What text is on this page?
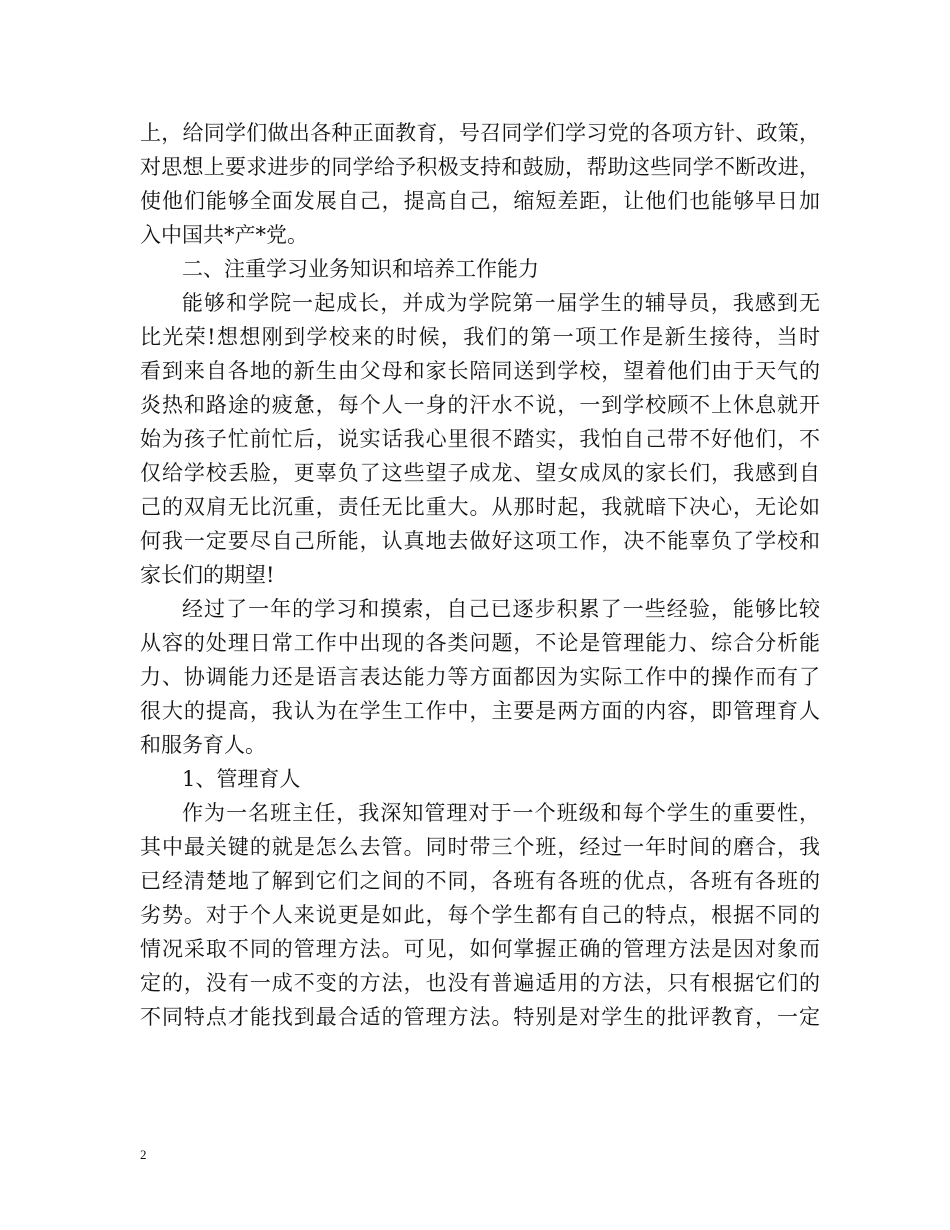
上，给同学们做出各种正面教育，号召同学们学习党的各项方针、政策，
对思想上要求进步的同学给予积极支持和鼓励，帮助这些同学不断改进，
使他们能够全面发展自己，提高自己，缩短差距，让他们也能够早日加
入中国共*产*党。
二、注重学习业务知识和培养工作能力
能够和学院一起成长，并成为学院第一届学生的辅导员，我感到无
比光荣!想想刚到学校来的时候，我们的第一项工作是新生接待，当时
看到来自各地的新生由父母和家长陪同送到学校，望着他们由于天气的
炎热和路途的疲惫，每个人一身的汗水不说，一到学校顾不上休息就开
始为孩子忙前忙后，说实话我心里很不踏实，我怕自己带不好他们，不
仅给学校丢脸，更辜负了这些望子成龙、望女成凤的家长们，我感到自
己的双肩无比沉重，责任无比重大。从那时起，我就暗下决心，无论如
何我一定要尽自己所能，认真地去做好这项工作，决不能辜负了学校和
家长们的期望!
经过了一年的学习和摸索，自己已逐步积累了一些经验，能够比较
从容的处理日常工作中出现的各类问题，不论是管理能力、综合分析能
力、协调能力还是语言表达能力等方面都因为实际工作中的操作而有了
很大的提高，我认为在学生工作中，主要是两方面的内容，即管理育人
和服务育人。
1、管理育人
作为一名班主任，我深知管理对于一个班级和每个学生的重要性，
其中最关键的就是怎么去管。同时带三个班，经过一年时间的磨合，我
已经清楚地了解到它们之间的不同，各班有各班的优点，各班有各班的
劣势。对于个人来说更是如此，每个学生都有自己的特点，根据不同的
情况采取不同的管理方法。可见，如何掌握正确的管理方法是因对象而
定的，没有一成不变的方法，也没有普遍适用的方法，只有根据它们的
不同特点才能找到最合适的管理方法。特别是对学生的批评教育，一定
2
